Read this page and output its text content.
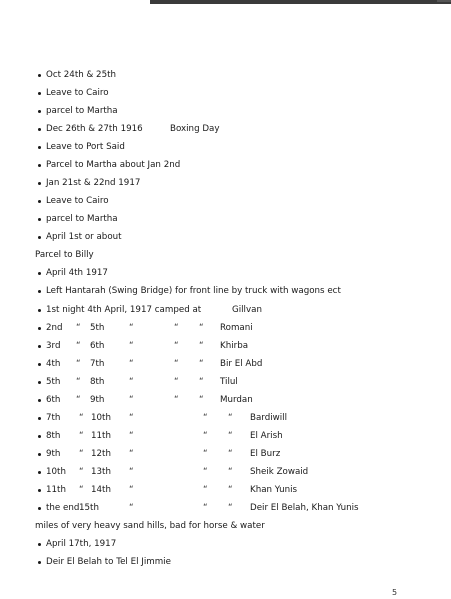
Oct 24th & 25th
Leave to Cairo
parcel to Martha
Dec 26th & 27th 1916	Boxing Day
Leave to Port Said
Parcel to Martha about Jan 2nd
Jan 21st & 22nd 1917
Leave to Cairo
parcel to Martha
April 1st or about
Parcel to Billy
April 4th 1917
Left Hantarah (Swing Bridge) for front line by truck with wagons ect
1st night 4th April, 1917 camped at	Gillvan
2nd “ 5th	“	“ “ Romani
3rd “ 6th	“	“ “ Khirba
4th “ 7th	“	“ “ Bir El Abd
5th “ 8th	“	“ “ Tilul
6th “ 9th	“	“ “ Murdan
7th “ 10th “	“ “ Bardiwill
8th “ 11th “	“ “ El Arish
9th “ 12th “	“ “ El Burz
10th “ 13th “	“ “ Sheik Zowaid
11th “ 14th “	“ “ Khan Yunis
the end 15th	“	“ “ Deir El Belah, Khan Yunis
miles of very heavy sand hills, bad for horse & water
April 17th, 1917
Deir El Belah to Tel El Jimmie
5
